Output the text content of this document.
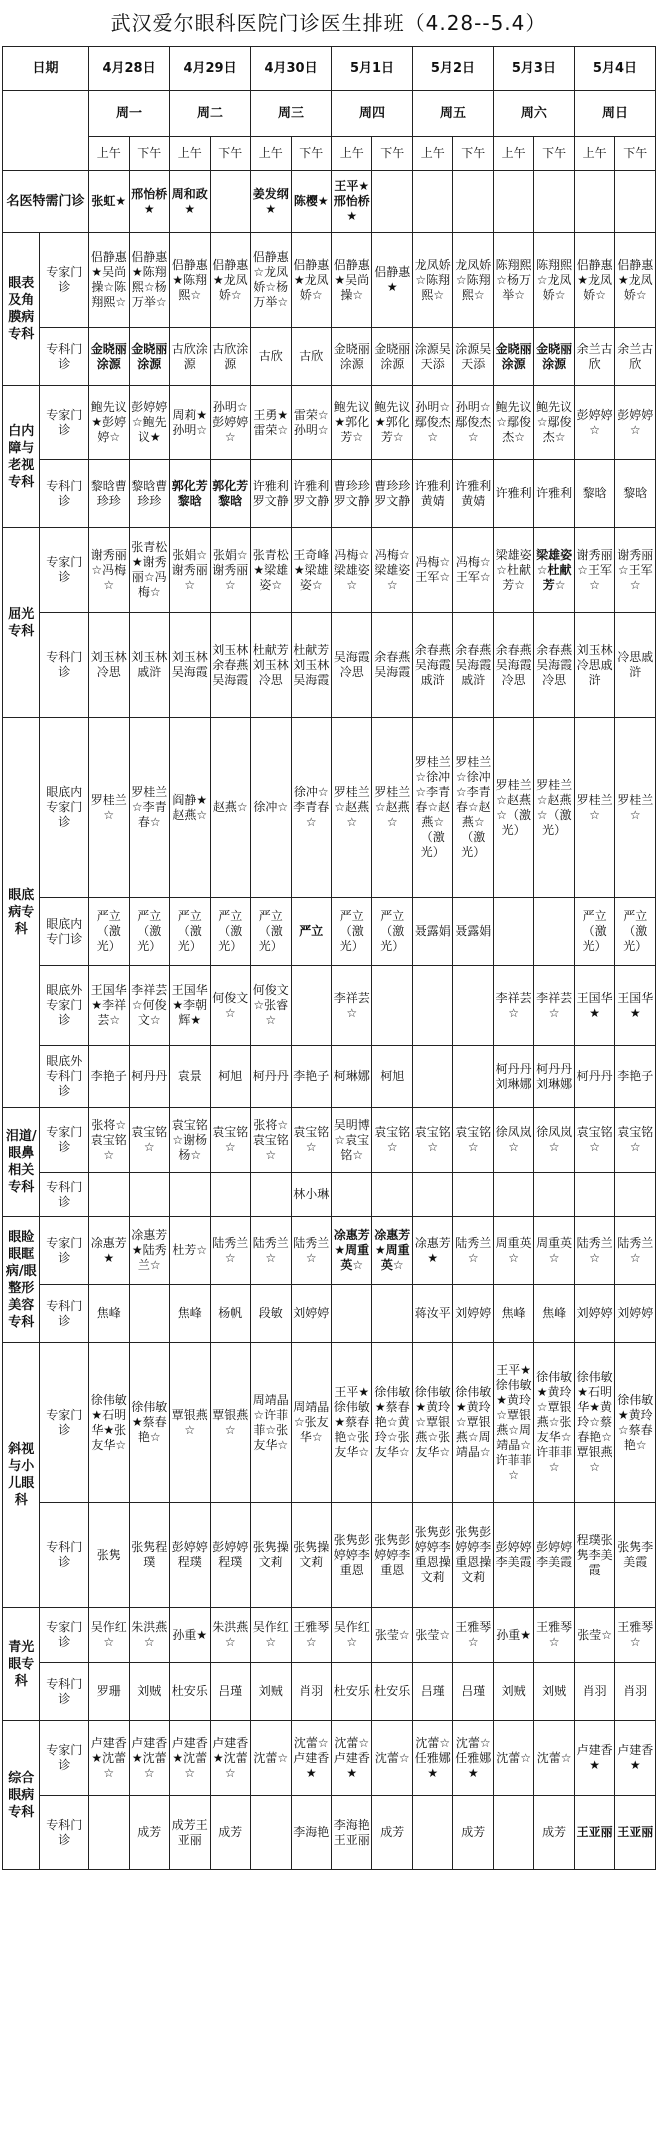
武汉爱尔眼科医院门诊医生排班（4.28--5.4）
日期		4月28日		4月29日		4月30日		5月1日		5月2日		5月3日		5月4日	
		周一		周二		周三		周四		周五		周六		周日	
		上午	下午	上午	下午	上午	下午	上午	下午	上午	下午	上午	下午	上午	下午
名医特需门诊		张虹★	邢怡桥★	周和政★		姜发纲★	陈樱★	王平★邢怡桥★							
眼表及角膜病专科	专家门诊	侣静惠★吴尚操☆陈翔熙☆	侣静惠★陈翔熙☆杨万举☆	侣静惠★陈翔熙☆	侣静惠★龙凤娇☆	侣静惠☆龙凤娇☆杨万举☆	侣静惠★龙凤娇☆	侣静惠★吴尚操☆	侣静惠★	龙凤娇☆陈翔熙☆	龙凤娇☆陈翔熙☆	陈翔熙☆杨万举☆	陈翔熙☆龙凤娇☆	侣静惠★龙凤娇☆	侣静惠★龙凤娇☆
	专科门诊	金晓丽涂源	金晓丽涂源	古欣涂源	古欣涂源	古欣	古欣	金晓丽涂源	金晓丽涂源	涂源吴天添	涂源吴天添	金晓丽涂源	金晓丽涂源	余兰古欣	余兰古欣
白内障与老视专科	专家门诊	鲍先议★彭婷婷☆	彭婷婷☆鲍先议★	周莉★孙明☆	孙明☆彭婷婷☆	王勇★雷荣☆	雷荣☆孙明☆	鲍先议★郭化芳☆	鲍先议★郭化芳☆	孙明☆鄢俊杰☆	孙明☆鄢俊杰☆	鲍先议☆鄢俊杰☆	鲍先议☆鄢俊杰☆	彭婷婷☆	彭婷婷☆
	专科门诊	黎晗曹珍珍	黎晗曹珍珍	郭化芳黎晗	郭化芳黎晗	许雅利罗文静	许雅利罗文静	曹珍珍罗文静	曹珍珍罗文静	许雅利黄婧	许雅利黄婧	许雅利	许雅利	黎晗	黎晗
屈光专科	专家门诊	谢秀丽☆冯梅☆	张青松★谢秀丽☆冯梅☆	张娟☆谢秀丽☆	张娟☆谢秀丽☆	张青松★梁雄姿☆	王奇峰★梁雄姿☆	冯梅☆梁雄姿☆	冯梅☆梁雄姿☆	冯梅☆王军☆	冯梅☆王军☆	梁雄姿☆杜献芳☆	梁雄姿☆杜献芳☆	谢秀丽☆王军☆	谢秀丽☆王军☆
	专科门诊	刘玉林冷思	刘玉林戚浒	刘玉林吴海霞	刘玉林余春燕吴海霞	杜献芳刘玉林冷思	杜献芳刘玉林吴海霞	吴海霞冷思	余春燕吴海霞	余春燕吴海霞戚浒	余春燕吴海霞戚浒	余春燕吴海霞冷思	余春燕吴海霞冷思	刘玉林冷思戚浒	冷思戚浒
眼底病专科	眼底内专家门诊	罗桂兰☆	罗桂兰☆李青春☆	阎静★赵燕☆	赵燕☆	徐冲☆	徐冲☆李青春☆	罗桂兰☆赵燕☆	罗桂兰☆赵燕☆	罗桂兰☆徐冲☆李青春☆赵燕☆（激光）	罗桂兰☆徐冲☆李青春☆赵燕☆（激光）	罗桂兰☆赵燕☆（激光）	罗桂兰☆赵燕☆（激光）	罗桂兰☆	罗桂兰☆
	眼底内专门诊	严立（激光）	严立（激光）	严立（激光）	严立（激光）	严立（激光）	严立	严立（激光）	严立（激光）	聂露娟	聂露娟			严立（激光）	严立（激光）
	眼底外专家门诊	王国华★李祥芸☆	李祥芸☆何俊文☆	王国华★李朝辉★	何俊文☆	何俊文☆张睿☆		李祥芸☆				李祥芸☆	李祥芸☆	王国华★	王国华★
	眼底外专科门诊	李艳子	柯丹丹	袁景	柯旭	柯丹丹	李艳子	柯琳娜	柯旭			柯丹丹刘琳娜	柯丹丹刘琳娜	柯丹丹	李艳子
泪道/眼鼻相关专科	专家门诊	张将☆袁宝铭☆	袁宝铭☆	袁宝铭☆谢杨杨☆	袁宝铭☆	张将☆袁宝铭☆	袁宝铭☆	吴明博☆袁宝铭☆	袁宝铭☆	袁宝铭☆	袁宝铭☆	徐凤岚☆	徐凤岚☆	袁宝铭☆	袁宝铭☆
	专科门诊						林小琳								
眼睑眼眶病/眼整形美容专科	专家门诊	凃惠芳★	凃惠芳★陆秀兰☆	杜芳☆	陆秀兰☆	陆秀兰☆	陆秀兰☆	凃惠芳★周重英☆	凃惠芳★周重英☆	凃惠芳★	陆秀兰☆	周重英☆	周重英☆	陆秀兰☆	陆秀兰☆
	专科门诊	焦峰		焦峰	杨帆	段敏	刘婷婷			蒋汝平	刘婷婷	焦峰	焦峰	刘婷婷	刘婷婷
斜视与小儿眼科	专家门诊	徐伟敏★石明华★张友华☆	徐伟敏★蔡春艳☆	覃银燕☆	覃银燕☆	周靖晶☆许菲菲☆张友华☆	周靖晶☆张友华☆	王平★徐伟敏★蔡春艳☆张友华☆	徐伟敏★蔡春艳☆黄玲☆张友华☆	徐伟敏★黄玲☆覃银燕☆张友华☆	徐伟敏★黄玲☆覃银燕☆周靖晶☆	王平★徐伟敏★黄玲☆覃银燕☆周靖晶☆许菲菲☆	徐伟敏★黄玲☆覃银燕☆张友华☆许菲菲☆	徐伟敏★石明华★黄玲☆蔡春艳☆覃银燕☆	徐伟敏★黄玲☆蔡春艳☆
	专科门诊	张隽	张隽程璞	彭婷婷程璞	彭婷婷程璞	张隽操文莉	张隽操文莉	张隽彭婷婷李重恩	张隽彭婷婷李重恩	张隽彭婷婷李重恩操文莉	张隽彭婷婷李重恩操文莉	彭婷婷李美霞	彭婷婷李美霞	程璞张隽李美霞	张隽李美霞
青光眼专科	专家门诊	吴作红☆	朱洪燕☆	孙重★	朱洪燕☆	吴作红☆	王雅琴☆	吴作红☆	张莹☆	张莹☆	王雅琴☆	孙重★	王雅琴☆	张莹☆	王雅琴☆
	专科门诊	罗珊	刘贼	杜安乐	吕瑾	刘贼	肖羽	杜安乐	杜安乐	吕瑾	吕瑾	刘贼	刘贼	肖羽	肖羽
综合眼病专科	专家门诊	卢建香★沈蕾☆	卢建香★沈蕾☆	卢建香★沈蕾☆	卢建香★沈蕾☆	沈蕾☆	沈蕾☆卢建香★	沈蕾☆卢建香★	沈蕾☆	沈蕾☆任雅娜★	沈蕾☆任雅娜★	沈蕾☆	沈蕾☆	卢建香★	卢建香★
	专科门诊		成芳	成芳王亚丽	成芳		李海艳	李海艳王亚丽	成芳		成芳		成芳	王亚丽	王亚丽
